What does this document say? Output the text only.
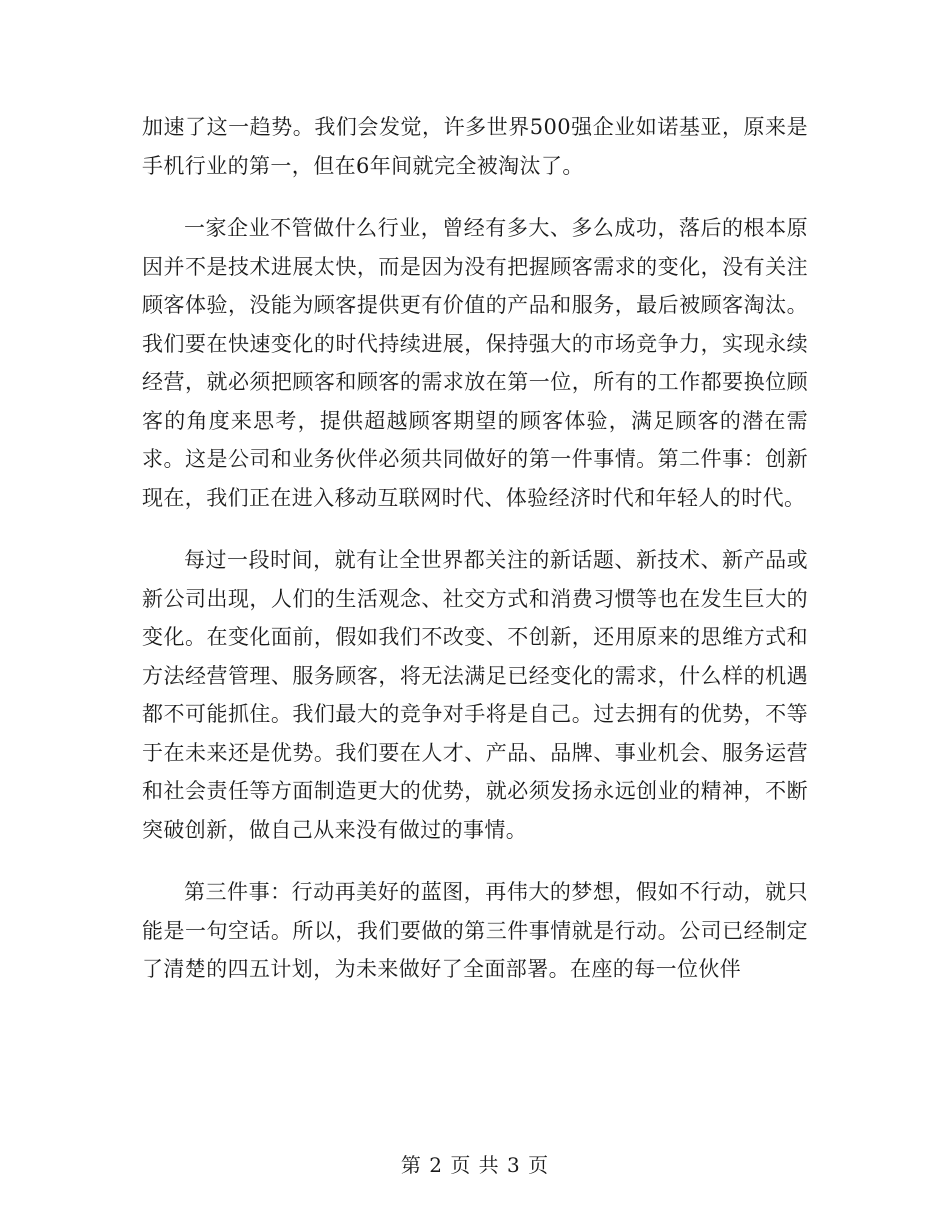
加速了这一趋势。我们会发觉，许多世界500强企业如诺基亚，原来是手机行业的第一，但在6年间就完全被淘汰了。

一家企业不管做什么行业，曾经有多大、多么成功，落后的根本原因并不是技术进展太快，而是因为没有把握顾客需求的变化，没有关注顾客体验，没能为顾客提供更有价值的产品和服务，最后被顾客淘汰。我们要在快速变化的时代持续进展，保持强大的市场竞争力，实现永续经营，就必须把顾客和顾客的需求放在第一位，所有的工作都要换位顾客的角度来思考，提供超越顾客期望的顾客体验，满足顾客的潜在需求。这是公司和业务伙伴必须共同做好的第一件事情。第二件事：创新现在，我们正在进入移动互联网时代、体验经济时代和年轻人的时代。

每过一段时间，就有让全世界都关注的新话题、新技术、新产品或新公司出现，人们的生活观念、社交方式和消费习惯等也在发生巨大的变化。在变化面前，假如我们不改变、不创新，还用原来的思维方式和方法经营管理、服务顾客，将无法满足已经变化的需求，什么样的机遇都不可能抓住。我们最大的竞争对手将是自己。过去拥有的优势，不等于在未来还是优势。我们要在人才、产品、品牌、事业机会、服务运营和社会责任等方面制造更大的优势，就必须发扬永远创业的精神，不断突破创新，做自己从来没有做过的事情。

第三件事：行动再美好的蓝图，再伟大的梦想，假如不行动，就只能是一句空话。所以，我们要做的第三件事情就是行动。公司已经制定了清楚的四五计划，为未来做好了全面部署。在座的每一位伙伴

第 2 页 共 3 页
